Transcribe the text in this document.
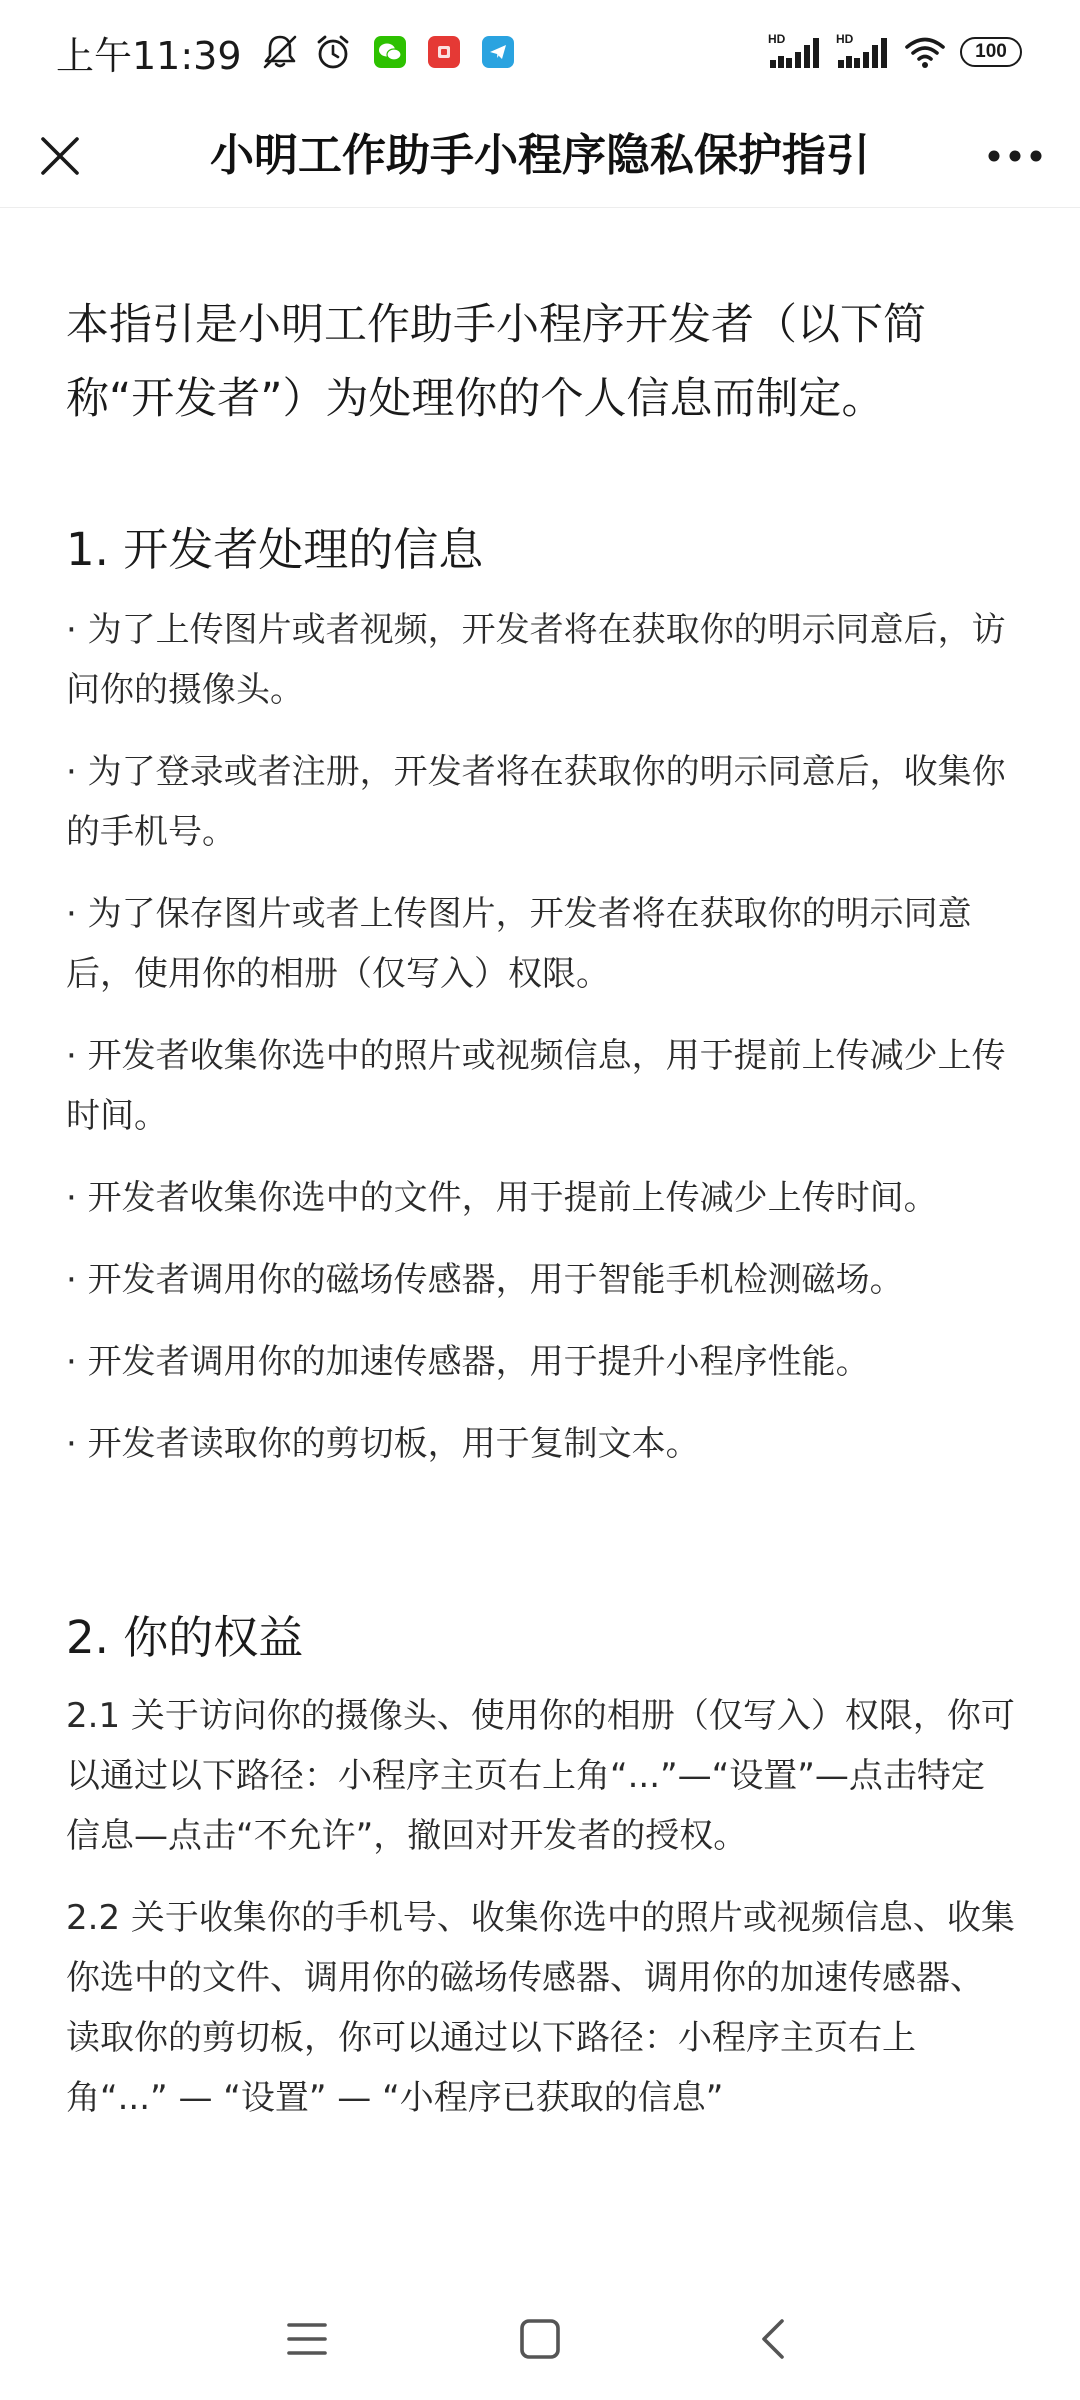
上午11:39	HD	HD
100
小明工作助手小程序隐私保护指引

本指引是小明工作助手小程序开发者（以下简称“开发者”）为处理你的个人信息而制定。

1. 开发者处理的信息

· 为了上传图片或者视频，开发者将在获取你的明示同意后，访问你的摄像头。

· 为了登录或者注册，开发者将在获取你的明示同意后，收集你的手机号。

· 为了保存图片或者上传图片，开发者将在获取你的明示同意后，使用你的相册（仅写入）权限。

· 开发者收集你选中的照片或视频信息，用于提前上传减少上传时间。

· 开发者收集你选中的文件，用于提前上传减少上传时间。

· 开发者调用你的磁场传感器，用于智能手机检测磁场。

· 开发者调用你的加速传感器，用于提升小程序性能。

· 开发者读取你的剪切板，用于复制文本。

2. 你的权益

2.1 关于访问你的摄像头、使用你的相册（仅写入）权限，你可以通过以下路径：小程序主页右上角“...”—“设置”—点击特定信息—点击“不允许”，撤回对开发者的授权。

2.2 关于收集你的手机号、收集你选中的照片或视频信息、收集你选中的文件、调用你的磁场传感器、调用你的加速传感器、读取你的剪切板，你可以通过以下路径：小程序主页右上角“...” — “设置” — “小程序已获取的信息”
